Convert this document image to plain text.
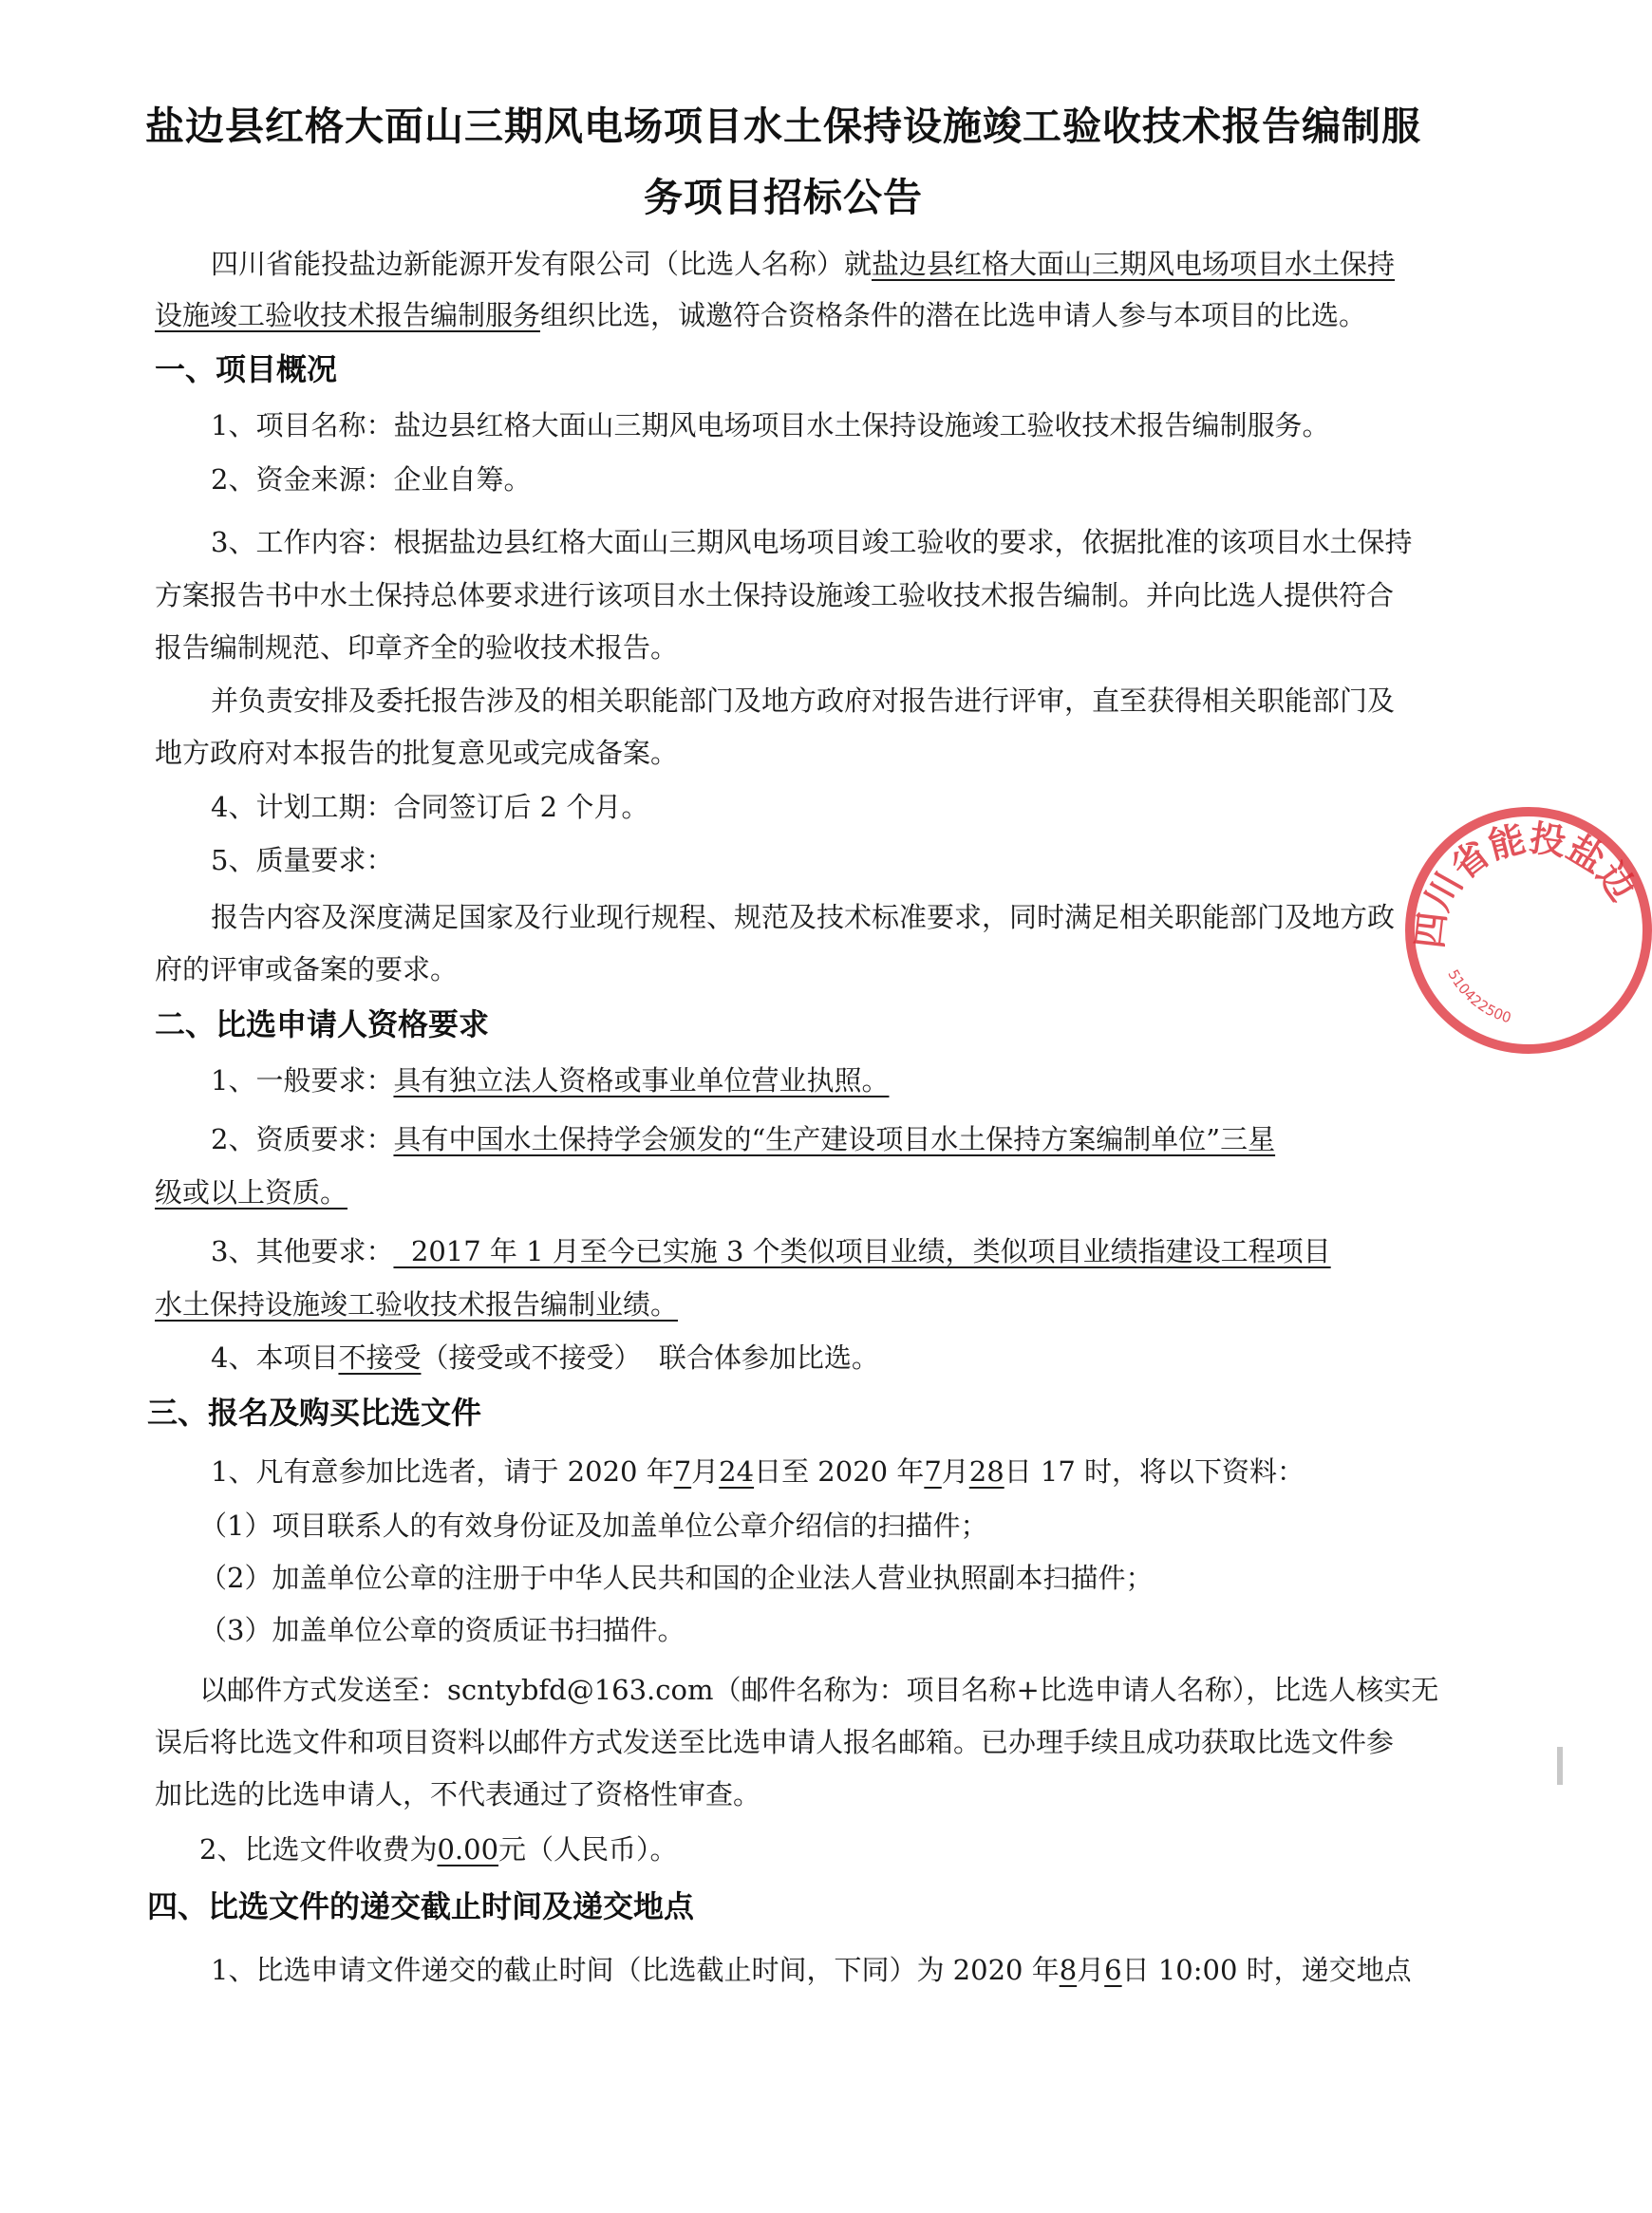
盐边县红格大面山三期风电场项目水土保持设施竣工验收技术报告编制服
务项目招标公告
四川省能投盐边新能源开发有限公司（比选人名称）就盐边县红格大面山三期风电场项目水土保持
设施竣工验收技术报告编制服务组织比选，诚邀符合资格条件的潜在比选申请人参与本项目的比选。
一、项目概况
1、项目名称：盐边县红格大面山三期风电场项目水土保持设施竣工验收技术报告编制服务。
2、资金来源：企业自筹。
3、工作内容：根据盐边县红格大面山三期风电场项目竣工验收的要求，依据批准的该项目水土保持
方案报告书中水土保持总体要求进行该项目水土保持设施竣工验收技术报告编制。并向比选人提供符合
报告编制规范、印章齐全的验收技术报告。
并负责安排及委托报告涉及的相关职能部门及地方政府对报告进行评审，直至获得相关职能部门及
地方政府对本报告的批复意见或完成备案。
4、计划工期：合同签订后 2 个月。
5、质量要求：
报告内容及深度满足国家及行业现行规程、规范及技术标准要求，同时满足相关职能部门及地方政
府的评审或备案的要求。
二、比选申请人资格要求
1、一般要求：具有独立法人资格或事业单位营业执照。
2、资质要求：具有中国水土保持学会颁发的“生产建设项目水土保持方案编制单位”三星
级或以上资质。
3、其他要求：  2017 年 1 月至今已实施 3 个类似项目业绩，类似项目业绩指建设工程项目
水土保持设施竣工验收技术报告编制业绩。
4、本项目不接受（接受或不接受）  联合体参加比选。
三、报名及购买比选文件
1、凡有意参加比选者，请于 2020 年7月24日至 2020 年7月28日 17 时，将以下资料：
（1）项目联系人的有效身份证及加盖单位公章介绍信的扫描件；
（2）加盖单位公章的注册于中华人民共和国的企业法人营业执照副本扫描件；
（3）加盖单位公章的资质证书扫描件。
以邮件方式发送至：scntybfd@163.com（邮件名称为：项目名称+比选申请人名称），比选人核实无
误后将比选文件和项目资料以邮件方式发送至比选申请人报名邮箱。已办理手续且成功获取比选文件参
加比选的比选申请人，不代表通过了资格性审查。
2、比选文件收费为0.00元（人民币）。
四、比选文件的递交截止时间及递交地点
1、比选申请文件递交的截止时间（比选截止时间，下同）为 2020 年8月6日 10:00 时，递交地点
四川省能投盐边
510422500
